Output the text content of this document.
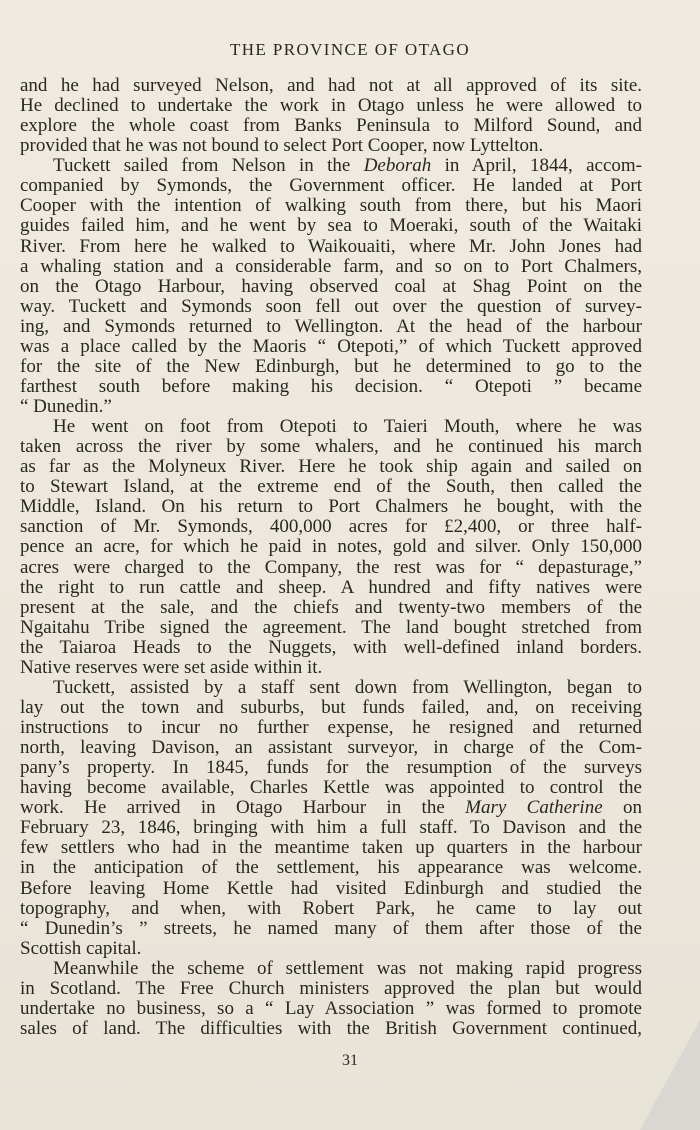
THE PROVINCE OF OTAGO
and he had surveyed Nelson, and had not at all approved of its site.
He declined to undertake the work in Otago unless he were allowed to
explore the whole coast from Banks Peninsula to Milford Sound, and
provided that he was not bound to select Port Cooper, now Lyttelton.
Tuckett sailed from Nelson in the Deborah in April, 1844, accom-
companied by Symonds, the Government officer. He landed at Port
Cooper with the intention of walking south from there, but his Maori
guides failed him, and he went by sea to Moeraki, south of the Waitaki
River. From here he walked to Waikouaiti, where Mr. John Jones had
a whaling station and a considerable farm, and so on to Port Chalmers,
on the Otago Harbour, having observed coal at Shag Point on the
way. Tuckett and Symonds soon fell out over the question of survey-
ing, and Symonds returned to Wellington. At the head of the harbour
was a place called by the Maoris “ Otepoti,” of which Tuckett approved
for the site of the New Edinburgh, but he determined to go to the
farthest south before making his decision. “ Otepoti ” became
“ Dunedin.”
He went on foot from Otepoti to Taieri Mouth, where he was
taken across the river by some whalers, and he continued his march
as far as the Molyneux River. Here he took ship again and sailed on
to Stewart Island, at the extreme end of the South, then called the
Middle, Island. On his return to Port Chalmers he bought, with the
sanction of Mr. Symonds, 400,000 acres for £2,400, or three half-
pence an acre, for which he paid in notes, gold and silver. Only 150,000
acres were charged to the Company, the rest was for “ depasturage,”
the right to run cattle and sheep. A hundred and fifty natives were
present at the sale, and the chiefs and twenty-two members of the
Ngaitahu Tribe signed the agreement. The land bought stretched from
the Taiaroa Heads to the Nuggets, with well-defined inland borders.
Native reserves were set aside within it.
Tuckett, assisted by a staff sent down from Wellington, began to
lay out the town and suburbs, but funds failed, and, on receiving
instructions to incur no further expense, he resigned and returned
north, leaving Davison, an assistant surveyor, in charge of the Com-
pany’s property. In 1845, funds for the resumption of the surveys
having become available, Charles Kettle was appointed to control the
work. He arrived in Otago Harbour in the Mary Catherine on
February 23, 1846, bringing with him a full staff. To Davison and the
few settlers who had in the meantime taken up quarters in the harbour
in the anticipation of the settlement, his appearance was welcome.
Before leaving Home Kettle had visited Edinburgh and studied the
topography, and when, with Robert Park, he came to lay out
“ Dunedin’s ” streets, he named many of them after those of the
Scottish capital.
Meanwhile the scheme of settlement was not making rapid progress
in Scotland. The Free Church ministers approved the plan but would
undertake no business, so a “ Lay Association ” was formed to promote
sales of land. The difficulties with the British Government continued,
31
